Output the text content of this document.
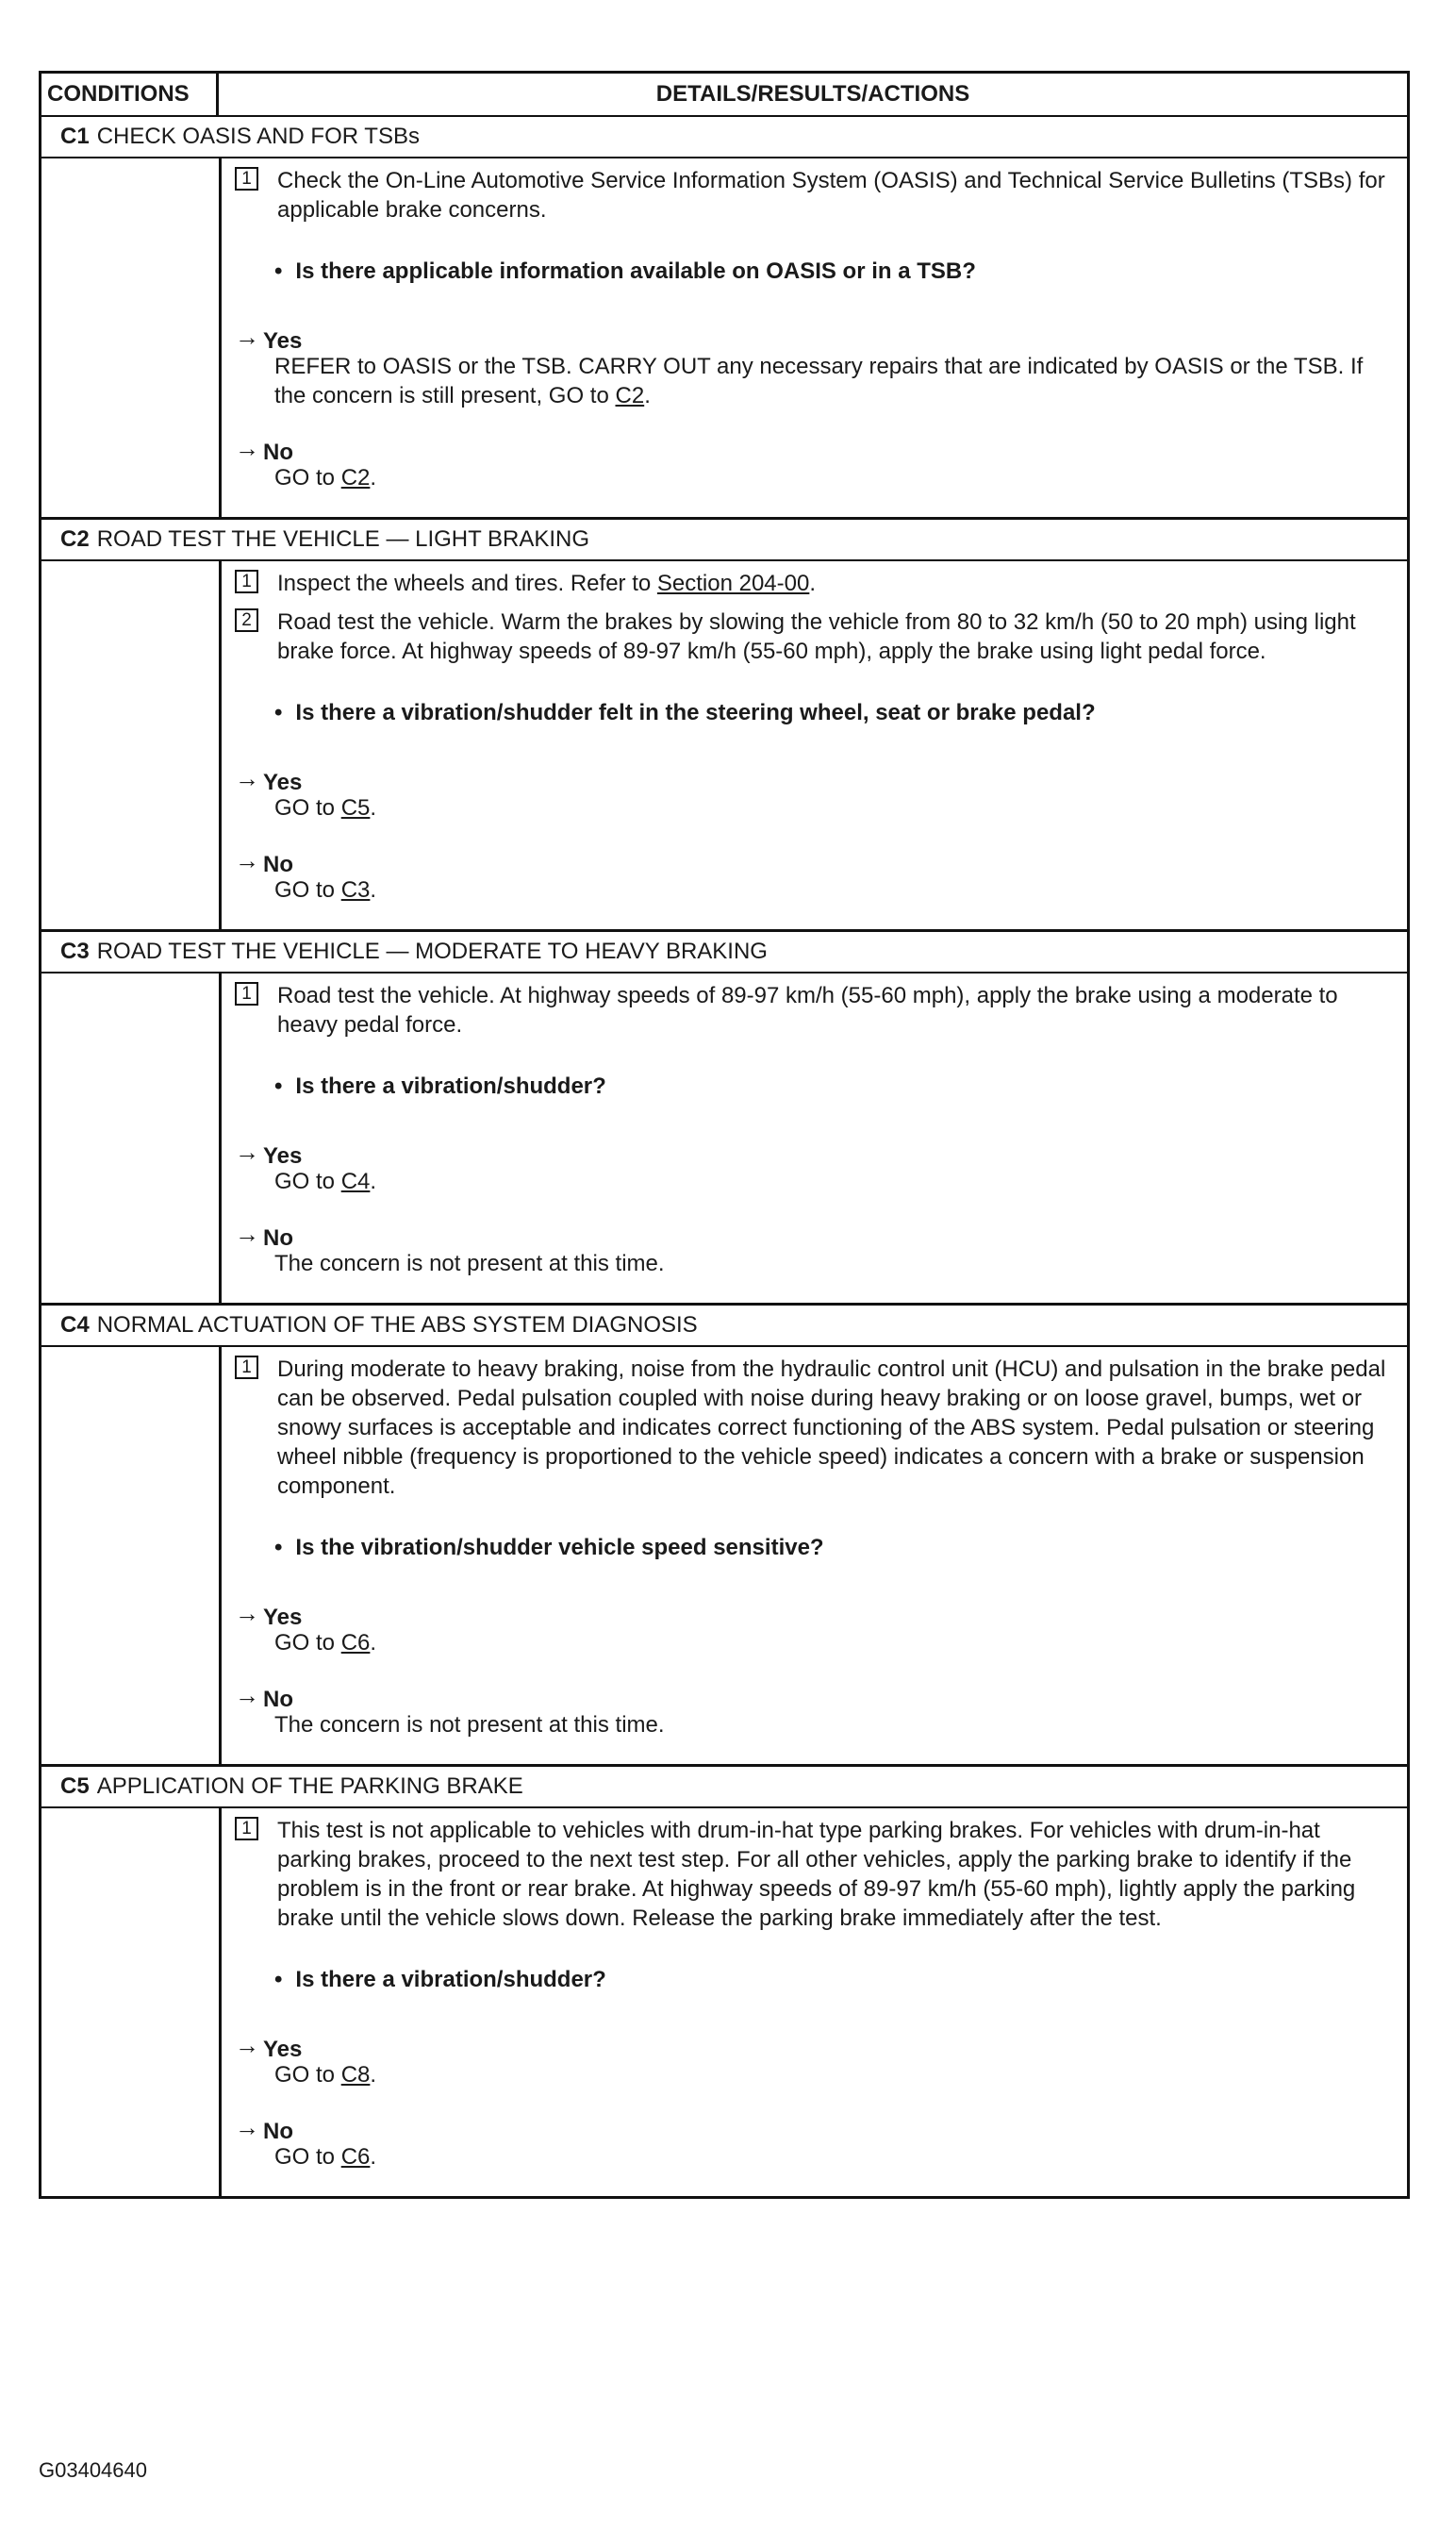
CONDITIONS	DETAILS/RESULTS/ACTIONS
C1 CHECK OASIS AND FOR TSBs
1	Check the On-Line Automotive Service Information System (OASIS) and Technical Service Bulletins (TSBs) for applicable brake concerns.
• Is there applicable information available on OASIS or in a TSB?
→ Yes
REFER to OASIS or the TSB. CARRY OUT any necessary repairs that are indicated by OASIS or the TSB. If the concern is still present, GO to C2.
→ No
GO to C2.
C2 ROAD TEST THE VEHICLE — LIGHT BRAKING
1	Inspect the wheels and tires. Refer to Section 204-00.
2	Road test the vehicle. Warm the brakes by slowing the vehicle from 80 to 32 km/h (50 to 20 mph) using light brake force. At highway speeds of 89-97 km/h (55-60 mph), apply the brake using light pedal force.
• Is there a vibration/shudder felt in the steering wheel, seat or brake pedal?
→ Yes
GO to C5.
→ No
GO to C3.
C3 ROAD TEST THE VEHICLE — MODERATE TO HEAVY BRAKING
1	Road test the vehicle. At highway speeds of 89-97 km/h (55-60 mph), apply the brake using a moderate to heavy pedal force.
• Is there a vibration/shudder?
→ Yes
GO to C4.
→ No
The concern is not present at this time.
C4 NORMAL ACTUATION OF THE ABS SYSTEM DIAGNOSIS
1	During moderate to heavy braking, noise from the hydraulic control unit (HCU) and pulsation in the brake pedal can be observed. Pedal pulsation coupled with noise during heavy braking or on loose gravel, bumps, wet or snowy surfaces is acceptable and indicates correct functioning of the ABS system. Pedal pulsation or steering wheel nibble (frequency is proportioned to the vehicle speed) indicates a concern with a brake or suspension component.
• Is the vibration/shudder vehicle speed sensitive?
→ Yes
GO to C6.
→ No
The concern is not present at this time.
C5 APPLICATION OF THE PARKING BRAKE
1	This test is not applicable to vehicles with drum-in-hat type parking brakes. For vehicles with drum-in-hat parking brakes, proceed to the next test step. For all other vehicles, apply the parking brake to identify if the problem is in the front or rear brake. At highway speeds of 89-97 km/h (55-60 mph), lightly apply the parking brake until the vehicle slows down. Release the parking brake immediately after the test.
• Is there a vibration/shudder?
→ Yes
GO to C8.
→ No
GO to C6.
G03404640
